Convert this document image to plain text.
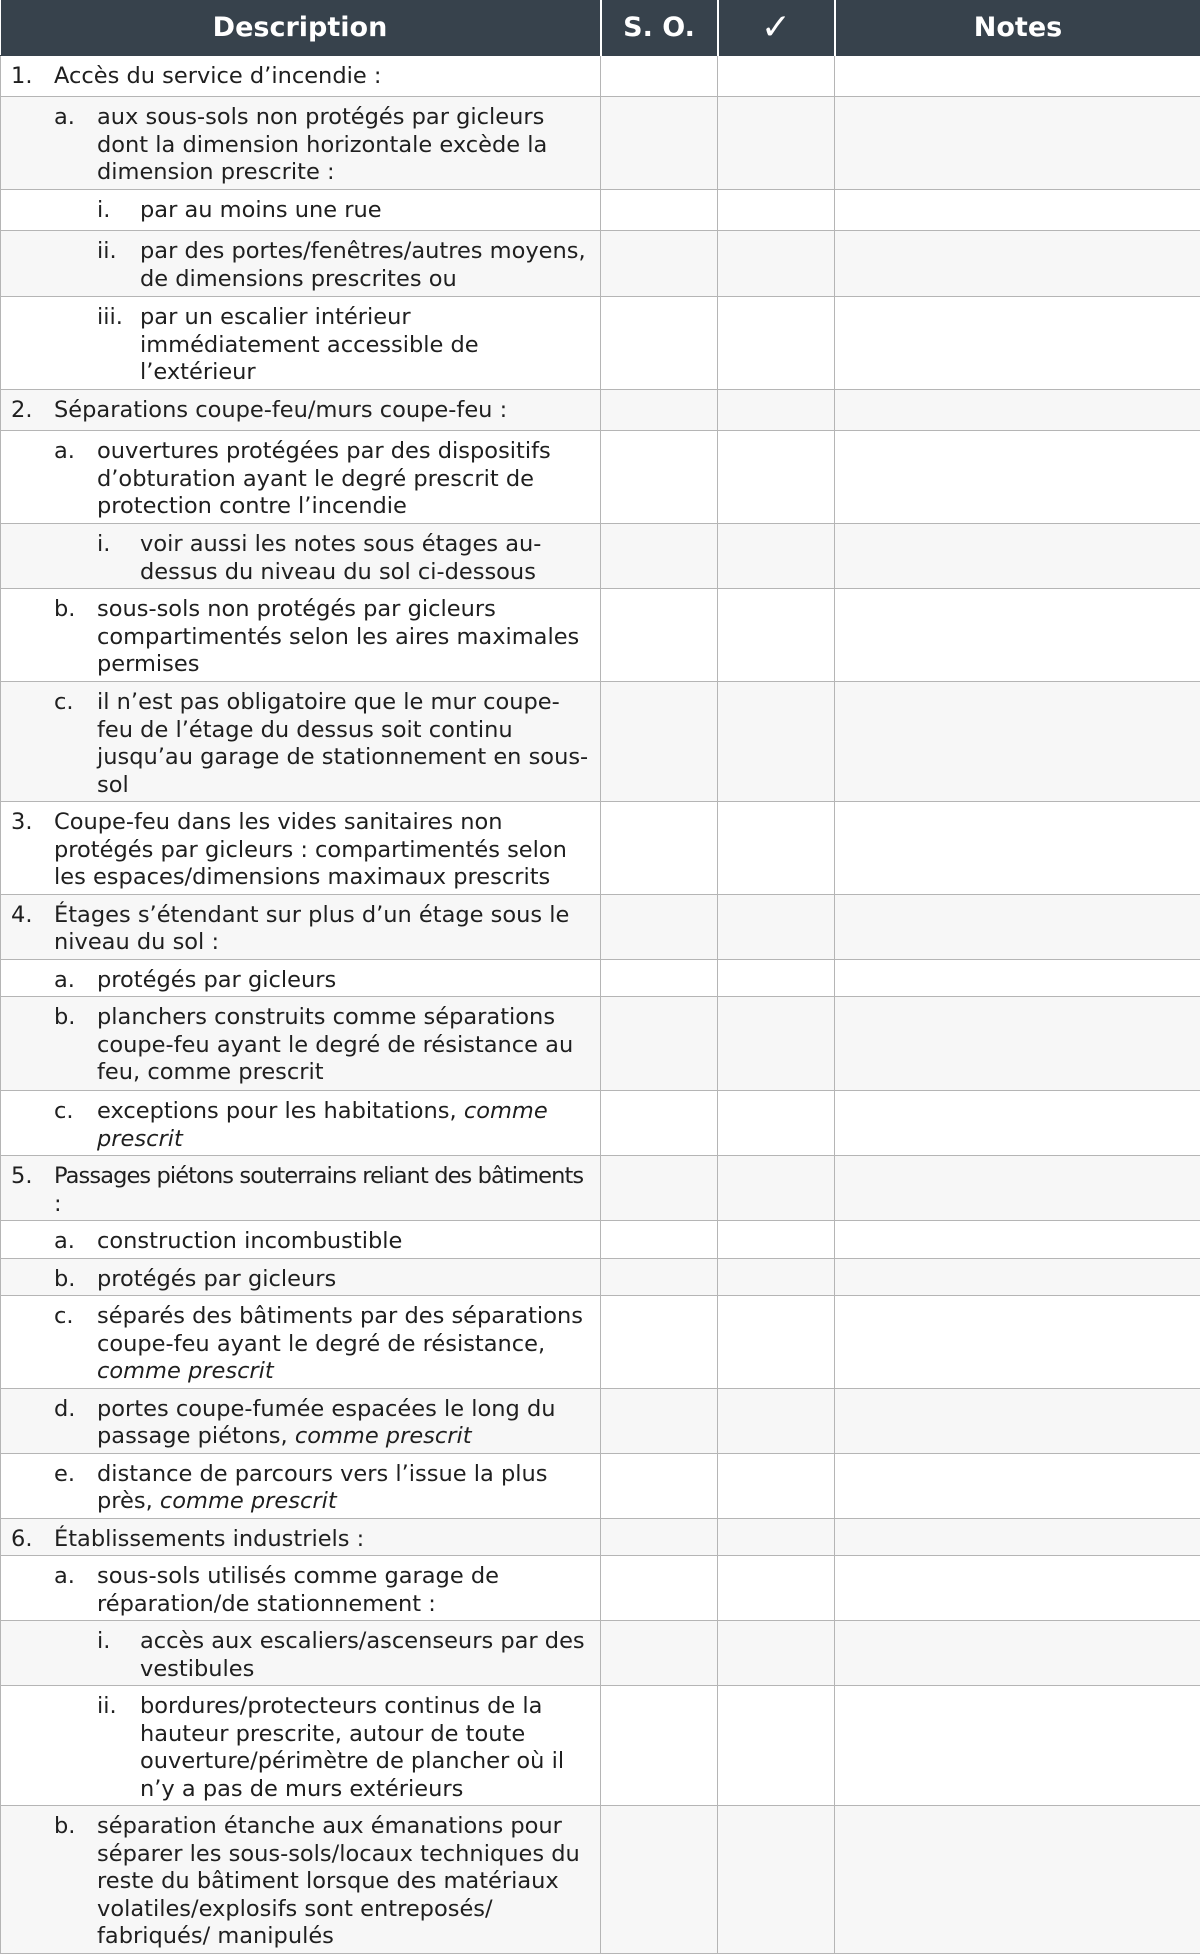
Description	S. O.	✓	Notes

1. Accès du service d’incendie :			

a. aux sous-sols non protégés par gicleurs dont la dimension horizontale excède la dimension prescrite :			

i. par au moins une rue			

ii. par des portes/fenêtres/autres moyens, de dimensions prescrites ou			

iii. par un escalier intérieur immédiatement accessible de l’extérieur			

2. Séparations coupe-feu/murs coupe-feu :			

a. ouvertures protégées par des dispositifs d’obturation ayant le degré prescrit de protection contre l’incendie			

i. voir aussi les notes sous étages au-dessus du niveau du sol ci-dessous			

b. sous-sols non protégés par gicleurs compartimentés selon les aires maximales permises			

c. il n’est pas obligatoire que le mur coupe-feu de l’étage du dessus soit continu jusqu’au garage de stationnement en sous-sol			

3. Coupe-feu dans les vides sanitaires non protégés par gicleurs : compartimentés selon les espaces/dimensions maximaux prescrits			

4. Étages s’étendant sur plus d’un étage sous le niveau du sol :			

a. protégés par gicleurs			

b. planchers construits comme séparations coupe-feu ayant le degré de résistance au feu, comme prescrit			

c. exceptions pour les habitations, comme prescrit			

5. Passages piétons souterrains reliant des bâtiments :			

a. construction incombustible			

b. protégés par gicleurs			

c. séparés des bâtiments par des séparations coupe-feu ayant le degré de résistance, comme prescrit			

d. portes coupe-fumée espacées le long du passage piétons, comme prescrit			

e. distance de parcours vers l’issue la plus près, comme prescrit			

6. Établissements industriels :			

a. sous-sols utilisés comme garage de réparation/de stationnement :			

i. accès aux escaliers/ascenseurs par des vestibules			

ii. bordures/protecteurs continus de la hauteur prescrite, autour de toute ouverture/périmètre de plancher où il n’y a pas de murs extérieurs			

b. séparation étanche aux émanations pour séparer les sous-sols/locaux techniques du reste du bâtiment lorsque des matériaux volatiles/explosifs sont entreposés/ fabriqués/ manipulés			
